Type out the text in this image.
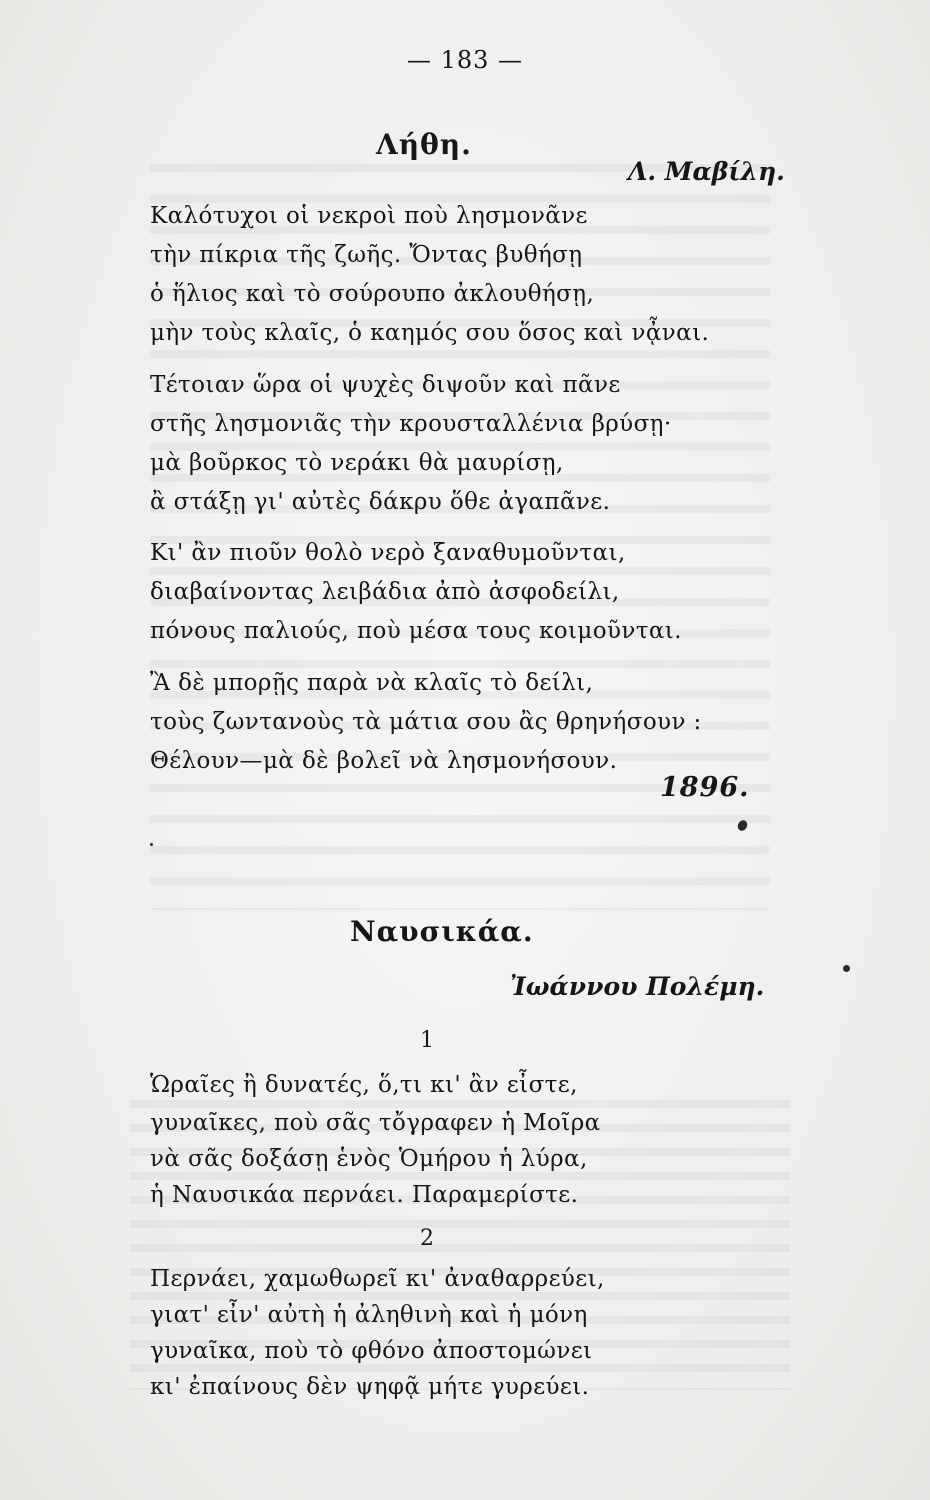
— 183 —
Λήθη.
Λ. Μαβίλη.
Καλότυχοι οἱ νεκροὶ ποὺ λησμονᾶνε
τὴν πίκρια τῆς ζωῆς. Ὄντας βυθήσῃ
ὁ ἥλιος καὶ τὸ σούρουπο ἀκλουθήσῃ,
μὴν τοὺς κλαῖς, ὁ καημός σου ὅσος καὶ νᾆναι.
Τέτοιαν ὥρα οἱ ψυχὲς διψοῦν καὶ πᾶνε
στῆς λησμονιᾶς τὴν κρουσταλλένια βρύσῃ·
μὰ βοῦρκος τὸ νεράκι θὰ μαυρίσῃ,
ἂ στάξῃ γι' αὐτὲς δάκρυ ὅθε ἀγαπᾶνε.
Κι' ἂν πιοῦν θολὸ νερὸ ξαναθυμοῦνται,
διαβαίνοντας λειβάδια ἀπὸ ἀσφοδείλι,
πόνους παλιούς, ποὺ μέσα τους κοιμοῦνται.
Ἂ δὲ μπορῇς παρὰ νὰ κλαῖς τὸ δείλι,
τοὺς ζωντανοὺς τὰ μάτια σου ἂς θρηνήσουν :
Θέλουν—μὰ δὲ βολεῖ νὰ λησμονήσουν.
1896.
Ναυσικάα.
Ἰωάννου Πολέμη.
1
Ὡραῖες ἢ δυνατές, ὅ,τι κι' ἂν εἶστε,
γυναῖκες, ποὺ σᾶς τὄγραφεν ἡ Μοῖρα
νὰ σᾶς δοξάσῃ ἑνὸς Ὁμήρου ἡ λύρα,
ἡ Ναυσικάα περνάει. Παραμερίστε.
2
Περνάει, χαμωθωρεῖ κι' ἀναθαρρεύει,
γιατ' εἶν' αὐτὴ ἡ ἀληθινὴ καὶ ἡ μόνη
γυναῖκα, ποὺ τὸ φθόνο ἀποστομώνει
κι' ἐπαίνους δὲν ψηφᾷ μήτε γυρεύει.
